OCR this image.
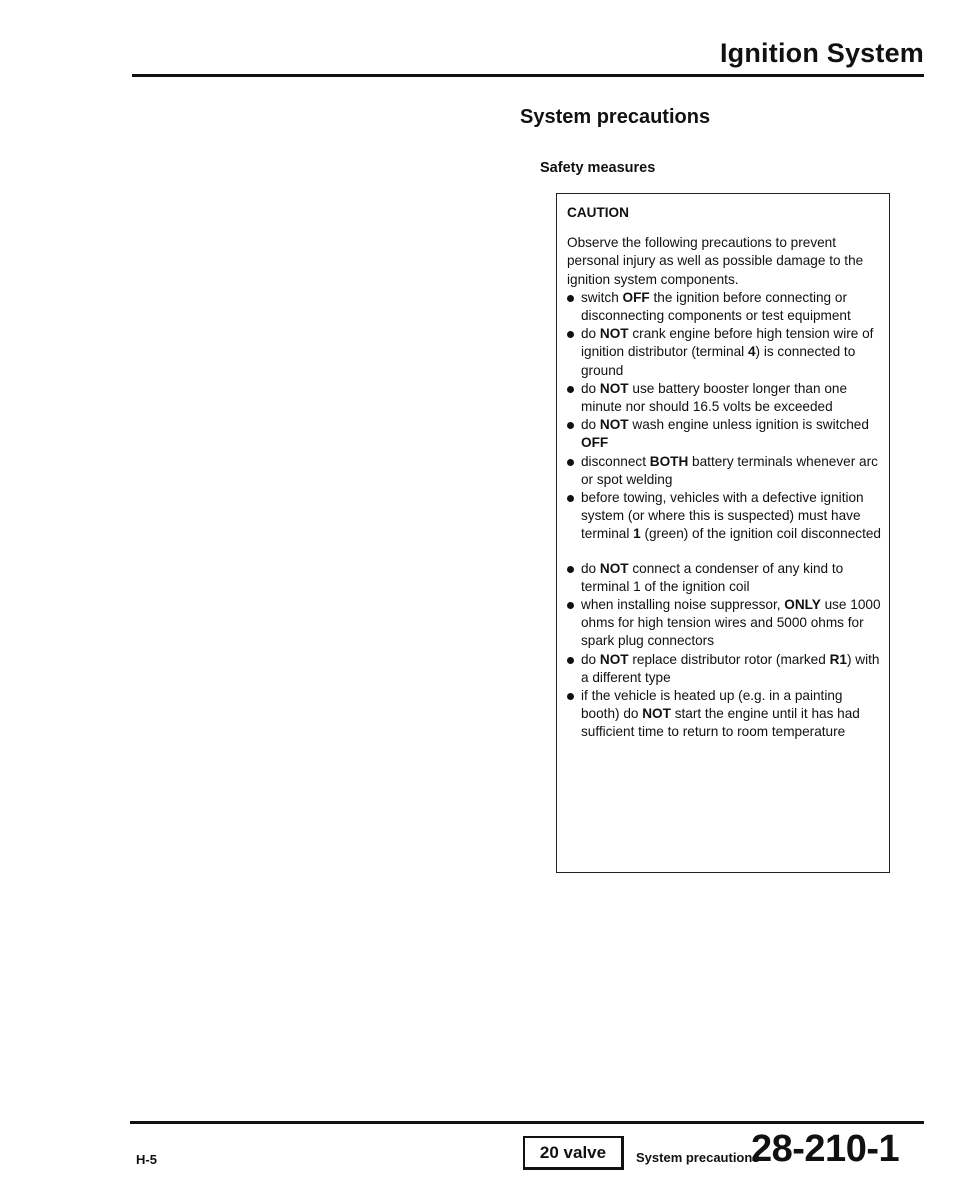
Ignition System
System precautions
Safety measures
CAUTION
Observe the following precautions to prevent personal injury as well as possible damage to the ignition system components.
switch OFF the ignition before connecting or disconnecting components or test equipment
do NOT crank engine before high tension wire of ignition distributor (terminal 4) is connected to ground
do NOT use battery booster longer than one minute nor should 16.5 volts be exceeded
do NOT wash engine unless ignition is switched OFF
disconnect BOTH battery terminals whenever arc or spot welding
before towing, vehicles with a defective ignition system (or where this is suspected) must have terminal 1 (green) of the ignition coil disconnected
do NOT connect a condenser of any kind to terminal 1 of the ignition coil
when installing noise suppressor, ONLY use 1000 ohms for high tension wires and 5000 ohms for spark plug connectors
do NOT replace distributor rotor (marked R1) with a different type
if the vehicle is heated up (e.g. in a painting booth) do NOT start the engine until it has had sufficient time to return to room temperature
H-5	20 valve	System precautions
28-210-1
